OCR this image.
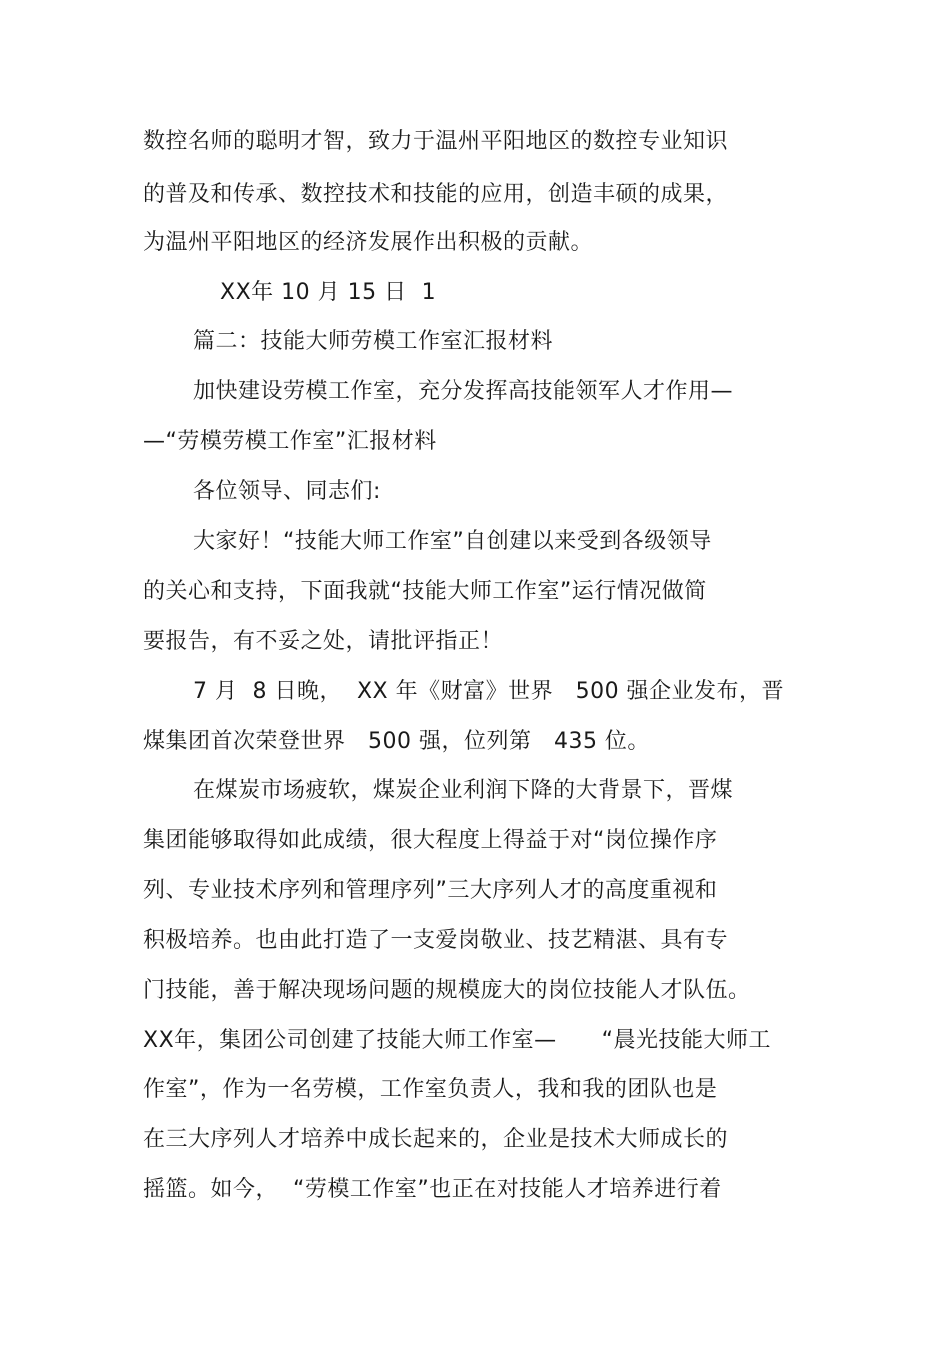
数控名师的聪明才智，致力于温州平阳地区的数控专业知识
的普及和传承、数控技术和技能的应用，创造丰硕的成果，
为温州平阳地区的经济发展作出积极的贡献。
XX年 10 月 15 日  1
篇二：技能大师劳模工作室汇报材料
加快建设劳模工作室，充分发挥高技能领军人才作用—
—“劳模劳模工作室”汇报材料
各位领导、同志们:
大家好！“技能大师工作室”自创建以来受到各级领导
的关心和支持，下面我就“技能大师工作室”运行情况做简
要报告，有不妥之处，请批评指正！
7 月  8 日晚，  XX 年《财富》世界   500 强企业发布，晋
煤集团首次荣登世界   500 强，位列第   435 位。
在煤炭市场疲软，煤炭企业利润下降的大背景下，晋煤
集团能够取得如此成绩，很大程度上得益于对“岗位操作序
列、专业技术序列和管理序列”三大序列人才的高度重视和
积极培养。也由此打造了一支爱岗敬业、技艺精湛、具有专
门技能，善于解决现场问题的规模庞大的岗位技能人才队伍。
XX年，集团公司创建了技能大师工作室—      “晨光技能大师工
作室”，作为一名劳模，工作室负责人，我和我的团队也是
在三大序列人才培养中成长起来的，企业是技术大师成长的
摇篮。如今，  “劳模工作室”也正在对技能人才培养进行着
